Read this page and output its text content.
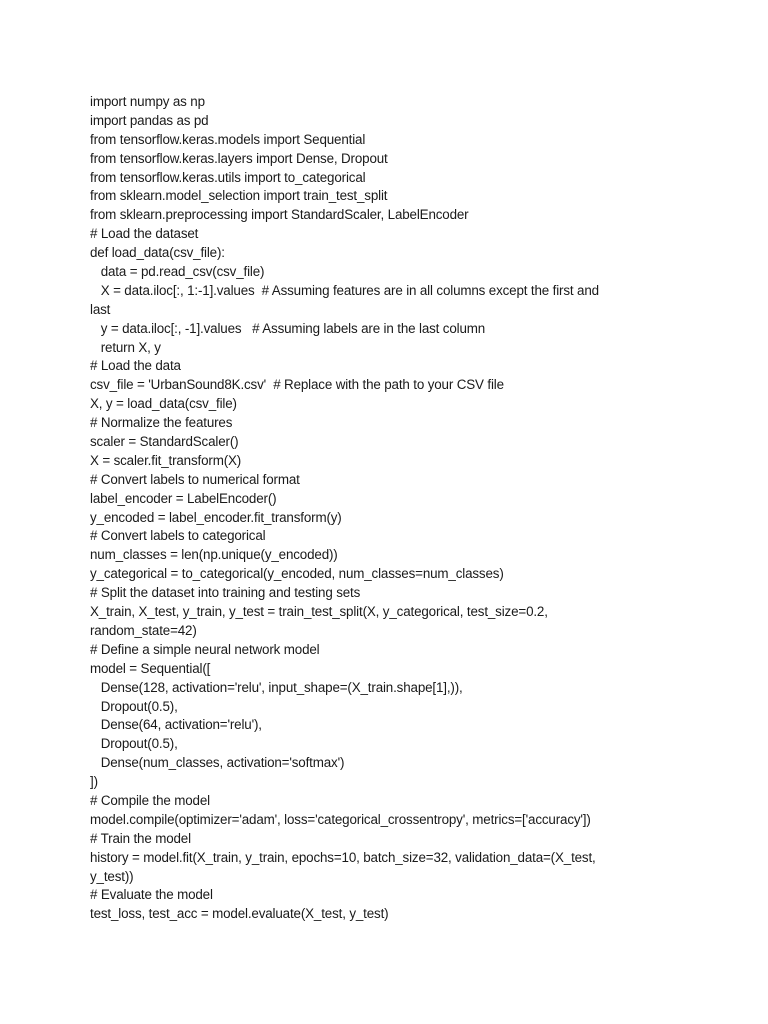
import numpy as np
import pandas as pd
from tensorflow.keras.models import Sequential
from tensorflow.keras.layers import Dense, Dropout
from tensorflow.keras.utils import to_categorical
from sklearn.model_selection import train_test_split
from sklearn.preprocessing import StandardScaler, LabelEncoder
# Load the dataset
def load_data(csv_file):
data = pd.read_csv(csv_file)
X = data.iloc[:, 1:-1].values  # Assuming features are in all columns except the first and
last
y = data.iloc[:, -1].values   # Assuming labels are in the last column
return X, y
# Load the data
csv_file = 'UrbanSound8K.csv'  # Replace with the path to your CSV file
X, y = load_data(csv_file)
# Normalize the features
scaler = StandardScaler()
X = scaler.fit_transform(X)
# Convert labels to numerical format
label_encoder = LabelEncoder()
y_encoded = label_encoder.fit_transform(y)
# Convert labels to categorical
num_classes = len(np.unique(y_encoded))
y_categorical = to_categorical(y_encoded, num_classes=num_classes)
# Split the dataset into training and testing sets
X_train, X_test, y_train, y_test = train_test_split(X, y_categorical, test_size=0.2,
random_state=42)
# Define a simple neural network model
model = Sequential([
Dense(128, activation='relu', input_shape=(X_train.shape[1],)),
Dropout(0.5),
Dense(64, activation='relu'),
Dropout(0.5),
Dense(num_classes, activation='softmax')
])
# Compile the model
model.compile(optimizer='adam', loss='categorical_crossentropy', metrics=['accuracy'])
# Train the model
history = model.fit(X_train, y_train, epochs=10, batch_size=32, validation_data=(X_test,
y_test))
# Evaluate the model
test_loss, test_acc = model.evaluate(X_test, y_test)
